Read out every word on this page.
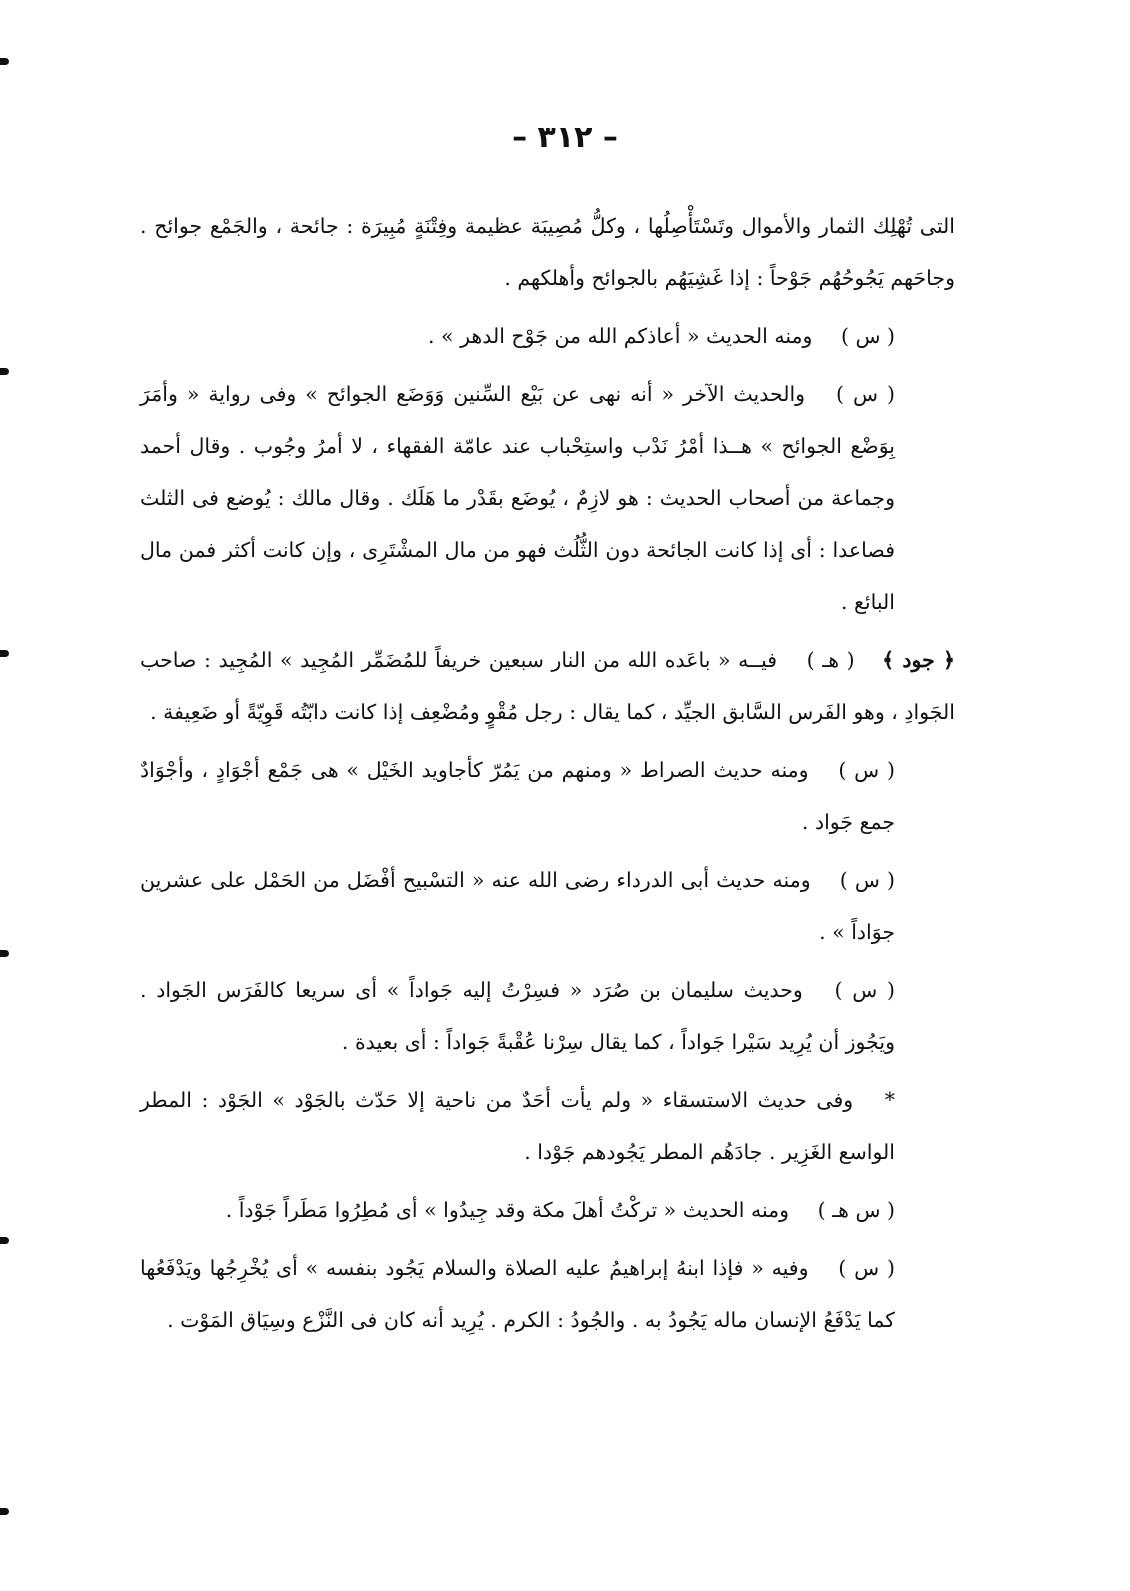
– ٣١٢ –

التى تُهْلِك الثمار والأموال وتَسْتَأْصِلُها ، وكلُّ مُصِيبَة عظيمة وفِتْنَةٍ مُبِيرَة : جائحة ، والجَمْع جوائح . وجاحَهم يَجُوحُهُم جَوْحاً : إذا غَشِيَهُم بالجوائح وأهلكهم .

( س ) ومنه الحديث « أعاذكم الله من جَوْح الدهر » .

( س ) والحديث الآخر « أنه نهى عن بَيْع السِّنين وَوَضَع الجوائح » وفى رواية « وأمَرَ بِوَضْع الجوائح » هــذا أمْرُ نَدْب واستِحْباب عند عامّة الفقهاء ، لا أمرُ وجُوب . وقال أحمد وجماعة من أصحاب الحديث : هو لازِمٌ ، يُوضَع بقَدْر ما هَلَك . وقال مالك : يُوضع فى الثلث فصاعدا : أى إذا كانت الجائحة دون الثُّلُث فهو من مال المشْتَرِى ، وإن كانت أكثر فمن مال البائع .

﴿ جود ﴾ ( هـ ) فيــه « باعَده الله من النار سبعين خريفاً للمُضَمِّر المُجِيد » المُجِيد : صاحب الجَوادِ ، وهو الفَرس السَّابق الجيِّد ، كما يقال : رجل مُقْوٍ ومُضْعِف إذا كانت دابّتُه قَوِيّةً أو ضَعِيفة .

( س ) ومنه حديث الصراط « ومنهم من يَمُرّ كأجاويد الخَيْل » هى جَمْع أجْوَادٍ ، وأجْوَادٌ جمع جَواد .

( س ) ومنه حديث أبى الدرداء رضى الله عنه « التسْبيح أفْضَل من الحَمْل على عشرين جوَاداً » .

( س ) وحديث سليمان بن صُرَد « فسِرْتُ إليه جَواداً » أى سريعا كالفَرَس الجَواد . ويَجُوز أن يُرِيد سَيْرا جَواداً ، كما يقال سِرْنا عُقْبةً جَواداً : أى بعيدة .

* وفى حديث الاستسقاء « ولم يأت أحَدٌ من ناحية إلا حَدّث بالجَوْد » الجَوْد : المطر الواسع الغَزِير . جادَهُم المطر يَجُودهم جَوْدا .

( س هـ ) ومنه الحديث « تركْتُ أهلَ مكة وقد جِيدُوا » أى مُطِرُوا مَطَراً جَوْداً .

( س ) وفيه « فإذا ابنهُ إبراهيمُ عليه الصلاة والسلام يَجُود بنفسه » أى يُخْرِجُها ويَدْفَعُها كما يَدْفَعُ الإنسان ماله يَجُودُ به . والجُودُ : الكرم . يُرِيد أنه كان فى النَّزْع وسِيَاق المَوْت .
